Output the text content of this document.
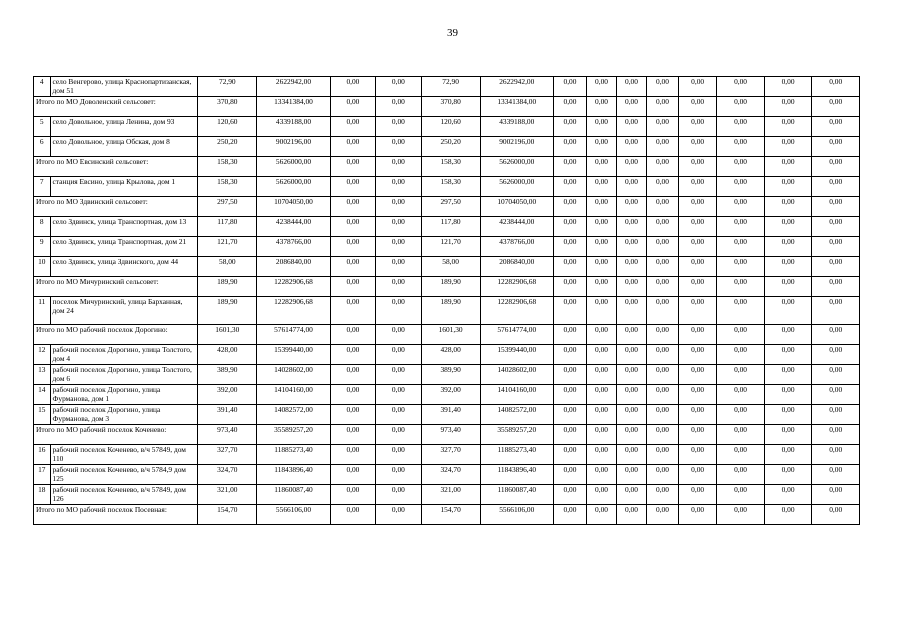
39
4	село Венгерово, улица Краснопартизанская, дом 51	72,90	2622942,00	0,00	0,00	72,90	2622942,00	0,00	0,00	0,00	0,00	0,00	0,00	0,00	0,00
Итого по МО Доволенский сельсовет:		370,80	13341384,00	0,00	0,00	370,80	13341384,00	0,00	0,00	0,00	0,00	0,00	0,00	0,00	0,00
5	село Довольное, улица Ленина, дом 93	120,60	4339188,00	0,00	0,00	120,60	4339188,00	0,00	0,00	0,00	0,00	0,00	0,00	0,00	0,00
6	село Довольное, улица Обская, дом 8	250,20	9002196,00	0,00	0,00	250,20	9002196,00	0,00	0,00	0,00	0,00	0,00	0,00	0,00	0,00
Итого по МО Евсинский сельсовет:		158,30	5626000,00	0,00	0,00	158,30	5626000,00	0,00	0,00	0,00	0,00	0,00	0,00	0,00	0,00
7	станция Евсино, улица Крылова, дом 1	158,30	5626000,00	0,00	0,00	158,30	5626000,00	0,00	0,00	0,00	0,00	0,00	0,00	0,00	0,00
Итого по МО Здвинский сельсовет:		297,50	10704050,00	0,00	0,00	297,50	10704050,00	0,00	0,00	0,00	0,00	0,00	0,00	0,00	0,00
8	село Здвинск, улица Транспортная, дом 13	117,80	4238444,00	0,00	0,00	117,80	4238444,00	0,00	0,00	0,00	0,00	0,00	0,00	0,00	0,00
9	село Здвинск, улица Транспортная, дом 21	121,70	4378766,00	0,00	0,00	121,70	4378766,00	0,00	0,00	0,00	0,00	0,00	0,00	0,00	0,00
10	село Здвинск, улица Здвинского, дом 44	58,00	2086840,00	0,00	0,00	58,00	2086840,00	0,00	0,00	0,00	0,00	0,00	0,00	0,00	0,00
Итого по МО Мичуринский сельсовет:		189,90	12282906,68	0,00	0,00	189,90	12282906,68	0,00	0,00	0,00	0,00	0,00	0,00	0,00	0,00
11	поселок Мичуринский, улица Барханная, дом 24	189,90	12282906,68	0,00	0,00	189,90	12282906,68	0,00	0,00	0,00	0,00	0,00	0,00	0,00	0,00
Итого по МО рабочий поселок Дорогино:		1601,30	57614774,00	0,00	0,00	1601,30	57614774,00	0,00	0,00	0,00	0,00	0,00	0,00	0,00	0,00
12	рабочий поселок Дорогино, улица Толстого, дом 4	428,00	15399440,00	0,00	0,00	428,00	15399440,00	0,00	0,00	0,00	0,00	0,00	0,00	0,00	0,00
13	рабочий поселок Дорогино, улица Толстого, дом 6	389,90	14028602,00	0,00	0,00	389,90	14028602,00	0,00	0,00	0,00	0,00	0,00	0,00	0,00	0,00
14	рабочий поселок Дорогино, улица Фурманова, дом 1	392,00	14104160,00	0,00	0,00	392,00	14104160,00	0,00	0,00	0,00	0,00	0,00	0,00	0,00	0,00
15	рабочий поселок Дорогино, улица Фурманова, дом 3	391,40	14082572,00	0,00	0,00	391,40	14082572,00	0,00	0,00	0,00	0,00	0,00	0,00	0,00	0,00
Итого по МО рабочий поселок Коченево:		973,40	35589257,20	0,00	0,00	973,40	35589257,20	0,00	0,00	0,00	0,00	0,00	0,00	0,00	0,00
16	рабочий поселок Коченево, в/ч 57849, дом 110	327,70	11885273,40	0,00	0,00	327,70	11885273,40	0,00	0,00	0,00	0,00	0,00	0,00	0,00	0,00
17	рабочий поселок Коченево, в/ч 5784,9 дом 125	324,70	11843896,40	0,00	0,00	324,70	11843896,40	0,00	0,00	0,00	0,00	0,00	0,00	0,00	0,00
18	рабочий поселок Коченево, в/ч 57849, дом 126	321,00	11860087,40	0,00	0,00	321,00	11860087,40	0,00	0,00	0,00	0,00	0,00	0,00	0,00	0,00
Итого по МО рабочий поселок Посевная:		154,70	5566106,00	0,00	0,00	154,70	5566106,00	0,00	0,00	0,00	0,00	0,00	0,00	0,00	0,00
